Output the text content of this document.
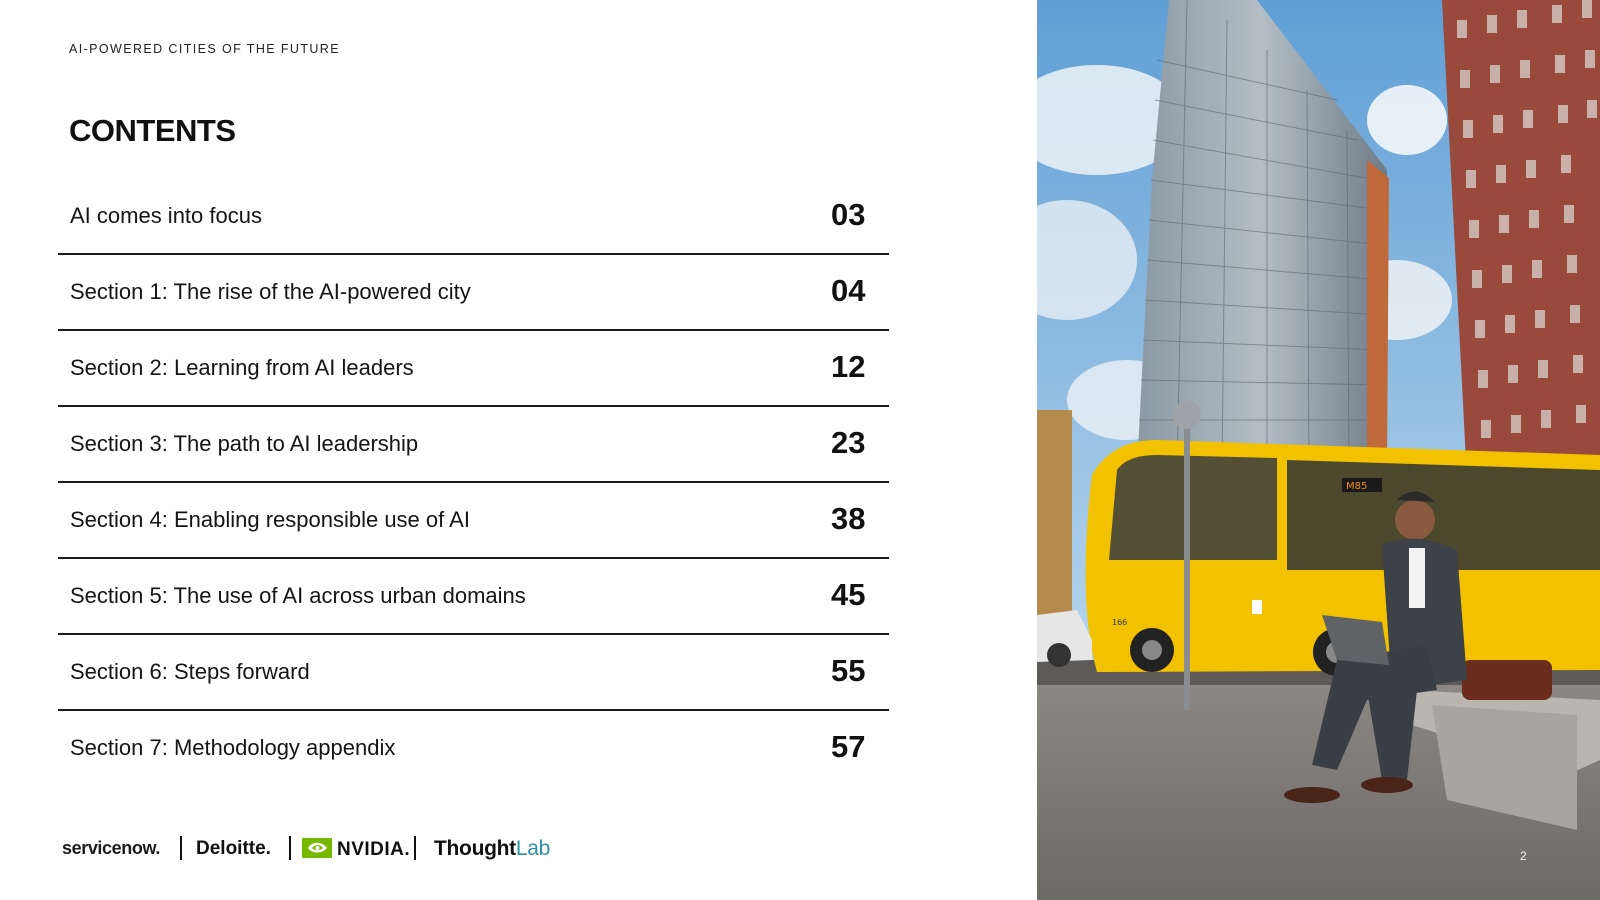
AI-POWERED CITIES OF THE FUTURE
CONTENTS
AI comes into focus	03
Section 1: The rise of the AI-powered city	04
Section 2: Learning from AI leaders	12
Section 3: The path to AI leadership	23
Section 4: Enabling responsible use of AI	38
Section 5: The use of AI across urban domains	45
Section 6: Steps forward	55
Section 7: Methodology appendix	57
servicenow. Deloitte.	NVIDIA. ThoughtLab
M85
166
2
